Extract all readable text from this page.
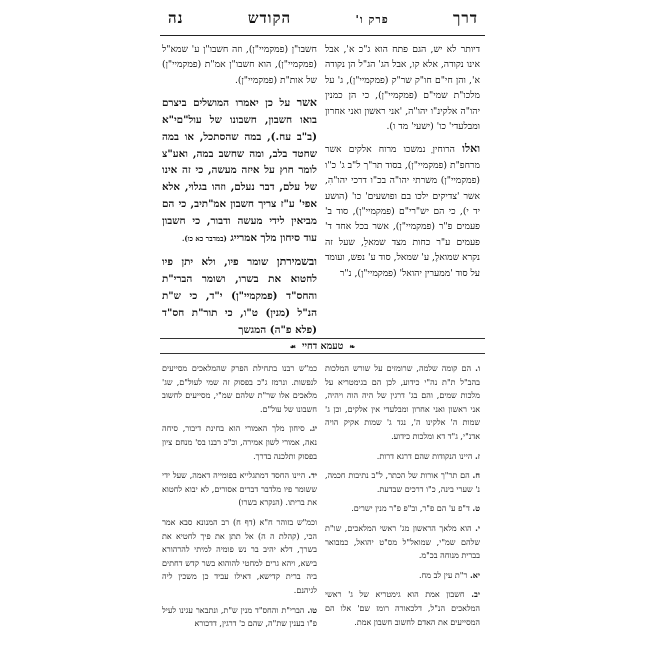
דרך
פרק ו'
הקודש
נה

דיותר לא יש, הגם פתח הוא ג"כ א', אבל אינו נקודה, אלא קו, אבל הג' הג"ל הן נקודה א', והן חי"ם חו"ק שר"ק (פמקמיי"ן), ג' על מלכו"ת שמי"ם (פמקמיי"ן), כי הן כמנין יהו"ה אלקינ"ו יהו"ה, 'אני ראשון ואני אחרון ומבלעדי' כו' (ישעי' מד ו).

ואלו הרוחיןָ נמשכו מרוח אלקים אשר מרחפ"ת (פמקמיי"ן), בסוד תר"ך ל"ב ג' כ"ו (פמקמיי"ן) משרתי יהו"ה בכ"ו דרכי יהו"הִ, אשר 'צדיקים ילכו בם ופושעים' כו' (הושע יד י), כי הם יש"רי"ם (פמקמיי"ן), סוד ב' פעמים פ"ר (פמקמיי"ן), אשר בכל אחד ד' פעמים ע"ר כחות מצד שמאלֵ, שעל זה נקרא שמואלֶ, ע' שמאל, סוד ע' נפש, ועומד על סוד 'ממערין יהואל' (פמקמיי"ן), נ"ר

חשבו"ן (פמקמיי"ן), וזה חשבו"ן ע' שמא"ל (פמקמיי"ן), הוא חשבו"ן אמ"ת (פמקמיי"ן) של אות"ת (פמקמיי"ן).

אשר על כן יאמרו המושלים ביצרם בואו חשבון, חשבונו של עול"םי"א (ב"ב עח.), במה שהסתכל, או במה שחטד בלב, ומה שחשב במה, ואע"צ לומר חוץ על איזה מעשה, כי זה אינו של עלם, דבר נעלם, וזהו בגלוי, אלא אפי' ע"ז צריך חשבון אמ"תיב, כי הם מביאין לידי מעשה ודבור, כי חשבון עוד סיחון מלך אמרייג (במדבר כא כו).

ובשמירתן שומר פיו, ולא יתן פיו לחטוא את בשרו, ושומר הברי"ת והחס"ד (פמקמיי"ן) י"ד, כי ש"ת הנ"ל (מנין) ט"ו, כי תור"ת חס"ד (פלא פ"ה) המגשך

❧
טעמא דחיי
☙

ו. הם קומה שלמה, שרומזים על שורש המלכות בהב"ל ת"ת נה"י כידוע, לכן הם בגימטריא על מלכות שמים, והם בג' דרגין של היה הוה ויהיה, אני ראשון ואני אחרון ומבלעדי אין אלקים, וכן ג' שמות ה' אלקינו ה', נגד ג' שמות אקיק הויה אדנ"י, ג"ד דא ומלכות כידוע.

ז. היינו הנקודות שהם דרגא דרות.

ח. הם תר"ך אורות של הכתר, ל"ב נתיבות חכמה, נ' שערי בינה, כ"ו דרכים שבדעת.

ט. ד"פ ע' הם פ"ר, וב"פ פ"ר מנין ישרים.

י. הוא מלאך הראשון מג' ראשי המלאכים, שו"ת שלהם שמ"י, שמואל"ל מס"ט יהואל, כמבואר בברית מנוחה בכ"מ.

יא. ר"ת עין לב מח.

יב. חשבון אמת הוא גימטריא של ג' ראשי המלאכים הנ"ל, דלכאורה רומז שם' אלו הם המסייעים את האדם לחשוב חשבון אמת.

כמ"ש רבנו בתחילת הפרק שהמלאכים מסייעים לנפשות. ונרמז ג"כ בפסוק זה שמי לעול"ם, שג' מלאכים אלו שר"ת שלהם שמ"י, מסייעים לחשוב חשבונו של עול"ם.

יג. סיחון מלך האמורי הוא בחינת דיבור, סיחה נאה, אמורי לשון אמירה, וכ"כ רבנו בס' מנחם ציון בפסוק ותלכנה בדרך.

יד. היינו החסד דמתגלייא בפומייה דאמה, שעל ידי ששומר פיו מלדבר דברים אסורים, לא יבוא לחטוא את בריתו. (הנקרא בשרו)

וכמ"ש בזוהר ח"א (דף ח) רב המנונא סבא אמר הכי, (קהלת ה ה) אל תתן את פיך לחטיא את בשרך, דלא יהיב בר נש פומיה למיתי להרהורא בישא, ויהא גרים למחטי להוהוא בשר קדש דחתים ביה ברית קדישא, דאילו עביד כן משכין ליה לגיהנם.

טו. הברי"ת והחס"ד מנין ש"ת, ונתבאר עגינו לעיל פ"ו בענין שת"ה, שהם כ' דרגין, דדכורא
